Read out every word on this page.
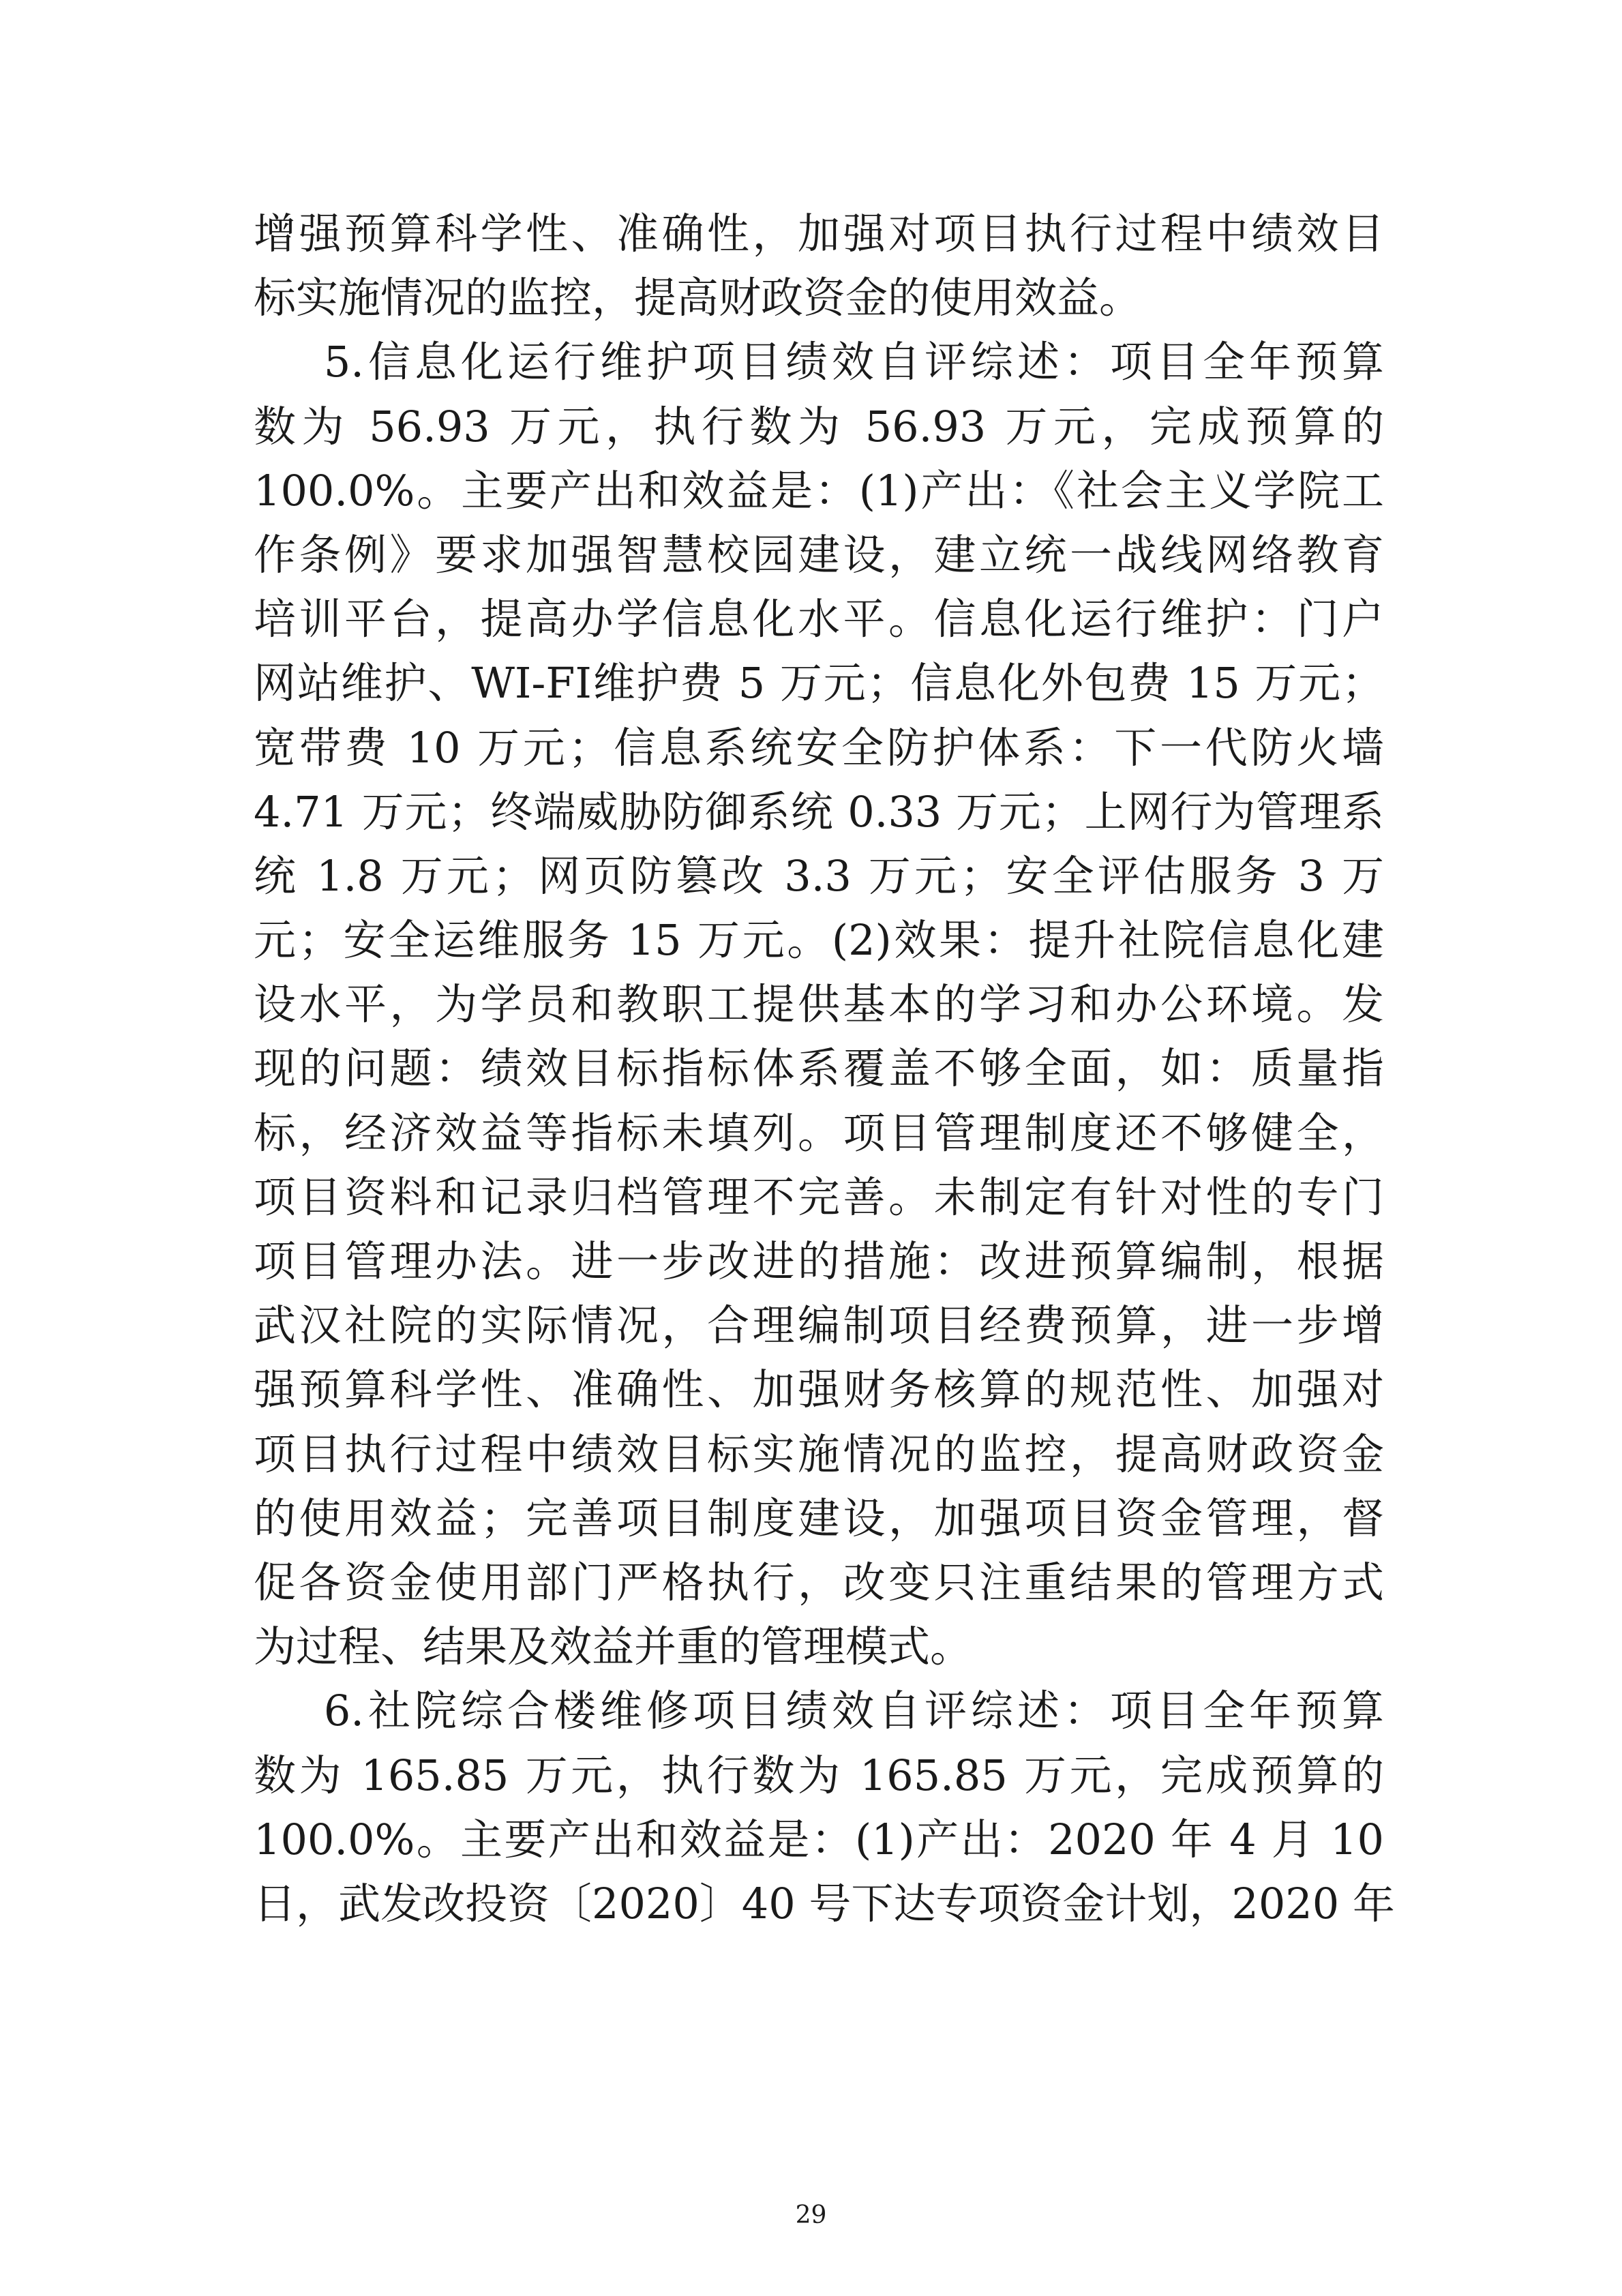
增强预算科学性、准确性，加强对项目执行过程中绩效目
标实施情况的监控，提高财政资金的使用效益。
5.信息化运行维护项目绩效自评综述：项目全年预算
数为 56.93 万元，执行数为 56.93 万元，完成预算的
100.0%。主要产出和效益是：(1)产出：《社会主义学院工
作条例》要求加强智慧校园建设，建立统一战线网络教育
培训平台，提高办学信息化水平。信息化运行维护：门户
网站维护、WI-FI维护费 5 万元；信息化外包费 15 万元；
宽带费 10 万元；信息系统安全防护体系：下一代防火墙
4.71 万元；终端威胁防御系统 0.33 万元；上网行为管理系
统 1.8 万元；网页防篡改 3.3 万元；安全评估服务 3 万
元；安全运维服务 15 万元。(2)效果：提升社院信息化建
设水平，为学员和教职工提供基本的学习和办公环境。发
现的问题：绩效目标指标体系覆盖不够全面，如：质量指
标，经济效益等指标未填列。项目管理制度还不够健全，
项目资料和记录归档管理不完善。未制定有针对性的专门
项目管理办法。进一步改进的措施：改进预算编制，根据
武汉社院的实际情况，合理编制项目经费预算，进一步增
强预算科学性、准确性、加强财务核算的规范性、加强对
项目执行过程中绩效目标实施情况的监控，提高财政资金
的使用效益；完善项目制度建设，加强项目资金管理，督
促各资金使用部门严格执行，改变只注重结果的管理方式
为过程、结果及效益并重的管理模式。
6.社院综合楼维修项目绩效自评综述：项目全年预算
数为 165.85 万元，执行数为 165.85 万元，完成预算的
100.0%。主要产出和效益是：(1)产出：2020 年 4 月 10
日，武发改投资〔2020〕40 号下达专项资金计划，2020 年
29
